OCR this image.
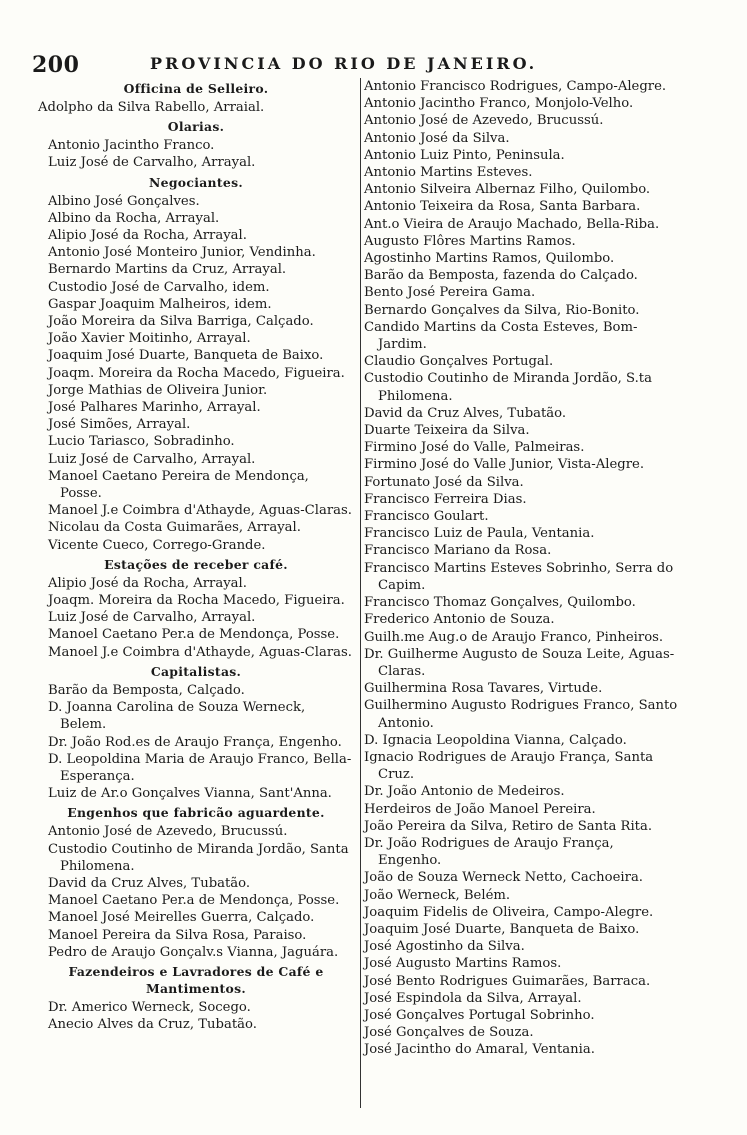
200	PROVINCIA DO RIO DE JANEIRO.
Officina de Selleiro.
Adolpho da Silva Rabello, Arraial.
Olarias.
Antonio Jacintho Franco.
Luiz José de Carvalho, Arrayal.
Negociantes.
Albino José Gonçalves.
Albino da Rocha, Arrayal.
Alipio José da Rocha, Arrayal.
Antonio José Monteiro Junior, Vendinha.
Bernardo Martins da Cruz, Arrayal.
Custodio José de Carvalho, idem.
Gaspar Joaquim Malheiros, idem.
João Moreira da Silva Barriga, Calçado.
João Xavier Moitinho, Arrayal.
Joaquim José Duarte, Banqueta de Baixo.
Joaqm. Moreira da Rocha Macedo, Figueira.
Jorge Mathias de Oliveira Junior.
José Palhares Marinho, Arrayal.
José Simões, Arrayal.
Lucio Tariasco, Sobradinho.
Luiz José de Carvalho, Arrayal.
Manoel Caetano Pereira de Mendonça, Posse.
Manoel J.e Coimbra d'Athayde, Aguas-Claras.
Nicolau da Costa Guimarães, Arrayal.
Vicente Cueco, Corrego-Grande.
Estações de receber café.
Alipio José da Rocha, Arrayal.
Joaqm. Moreira da Rocha Macedo, Figueira.
Luiz José de Carvalho, Arrayal.
Manoel Caetano Per.a de Mendonça, Posse.
Manoel J.e Coimbra d'Athayde, Aguas-Claras.
Capitalistas.
Barão da Bemposta, Calçado.
D. Joanna Carolina de Souza Werneck, Belem.
Dr. João Rod.es de Araujo França, Engenho.
D. Leopoldina Maria de Araujo Franco, Bella-Esperança.
Luiz de Ar.o Gonçalves Vianna, Sant'Anna.
Engenhos que fabricão aguardente.
Antonio José de Azevedo, Brucussú.
Custodio Coutinho de Miranda Jordão, Santa Philomena.
David da Cruz Alves, Tubatão.
Manoel Caetano Per.a de Mendonça, Posse.
Manoel José Meirelles Guerra, Calçado.
Manoel Pereira da Silva Rosa, Paraiso.
Pedro de Araujo Gonçalv.s Vianna, Jaguára.
Fazendeiros e Lavradores de Café e Mantimentos.
Dr. Americo Werneck, Socego.
Anecio Alves da Cruz, Tubatão.
Antonio Francisco Rodrigues, Campo-Alegre.
Antonio Jacintho Franco, Monjolo-Velho.
Antonio José de Azevedo, Brucussú.
Antonio José da Silva.
Antonio Luiz Pinto, Peninsula.
Antonio Martins Esteves.
Antonio Silveira Albernaz Filho, Quilombo.
Antonio Teixeira da Rosa, Santa Barbara.
Ant.o Vieira de Araujo Machado, Bella-Riba.
Augusto Flôres Martins Ramos.
Agostinho Martins Ramos, Quilombo.
Barão da Bemposta, fazenda do Calçado.
Bento José Pereira Gama.
Bernardo Gonçalves da Silva, Rio-Bonito.
Candido Martins da Costa Esteves, Bom-Jardim.
Claudio Gonçalves Portugal.
Custodio Coutinho de Miranda Jordão, S.ta Philomena.
David da Cruz Alves, Tubatão.
Duarte Teixeira da Silva.
Firmino José do Valle, Palmeiras.
Firmino José do Valle Junior, Vista-Alegre.
Fortunato José da Silva.
Francisco Ferreira Dias.
Francisco Goulart.
Francisco Luiz de Paula, Ventania.
Francisco Mariano da Rosa.
Francisco Martins Esteves Sobrinho, Serra do Capim.
Francisco Thomaz Gonçalves, Quilombo.
Frederico Antonio de Souza.
Guilh.me Aug.o de Araujo Franco, Pinheiros.
Dr. Guilherme Augusto de Souza Leite, Aguas-Claras.
Guilhermina Rosa Tavares, Virtude.
Guilhermino Augusto Rodrigues Franco, Santo Antonio.
D. Ignacia Leopoldina Vianna, Calçado.
Ignacio Rodrigues de Araujo França, Santa Cruz.
Dr. João Antonio de Medeiros.
Herdeiros de João Manoel Pereira.
João Pereira da Silva, Retiro de Santa Rita.
Dr. João Rodrigues de Araujo França, Engenho.
João de Souza Werneck Netto, Cachoeira.
João Werneck, Belém.
Joaquim Fidelis de Oliveira, Campo-Alegre.
Joaquim José Duarte, Banqueta de Baixo.
José Agostinho da Silva.
José Augusto Martins Ramos.
José Bento Rodrigues Guimarães, Barraca.
José Espindola da Silva, Arrayal.
José Gonçalves Portugal Sobrinho.
José Gonçalves de Souza.
José Jacintho do Amaral, Ventania.
